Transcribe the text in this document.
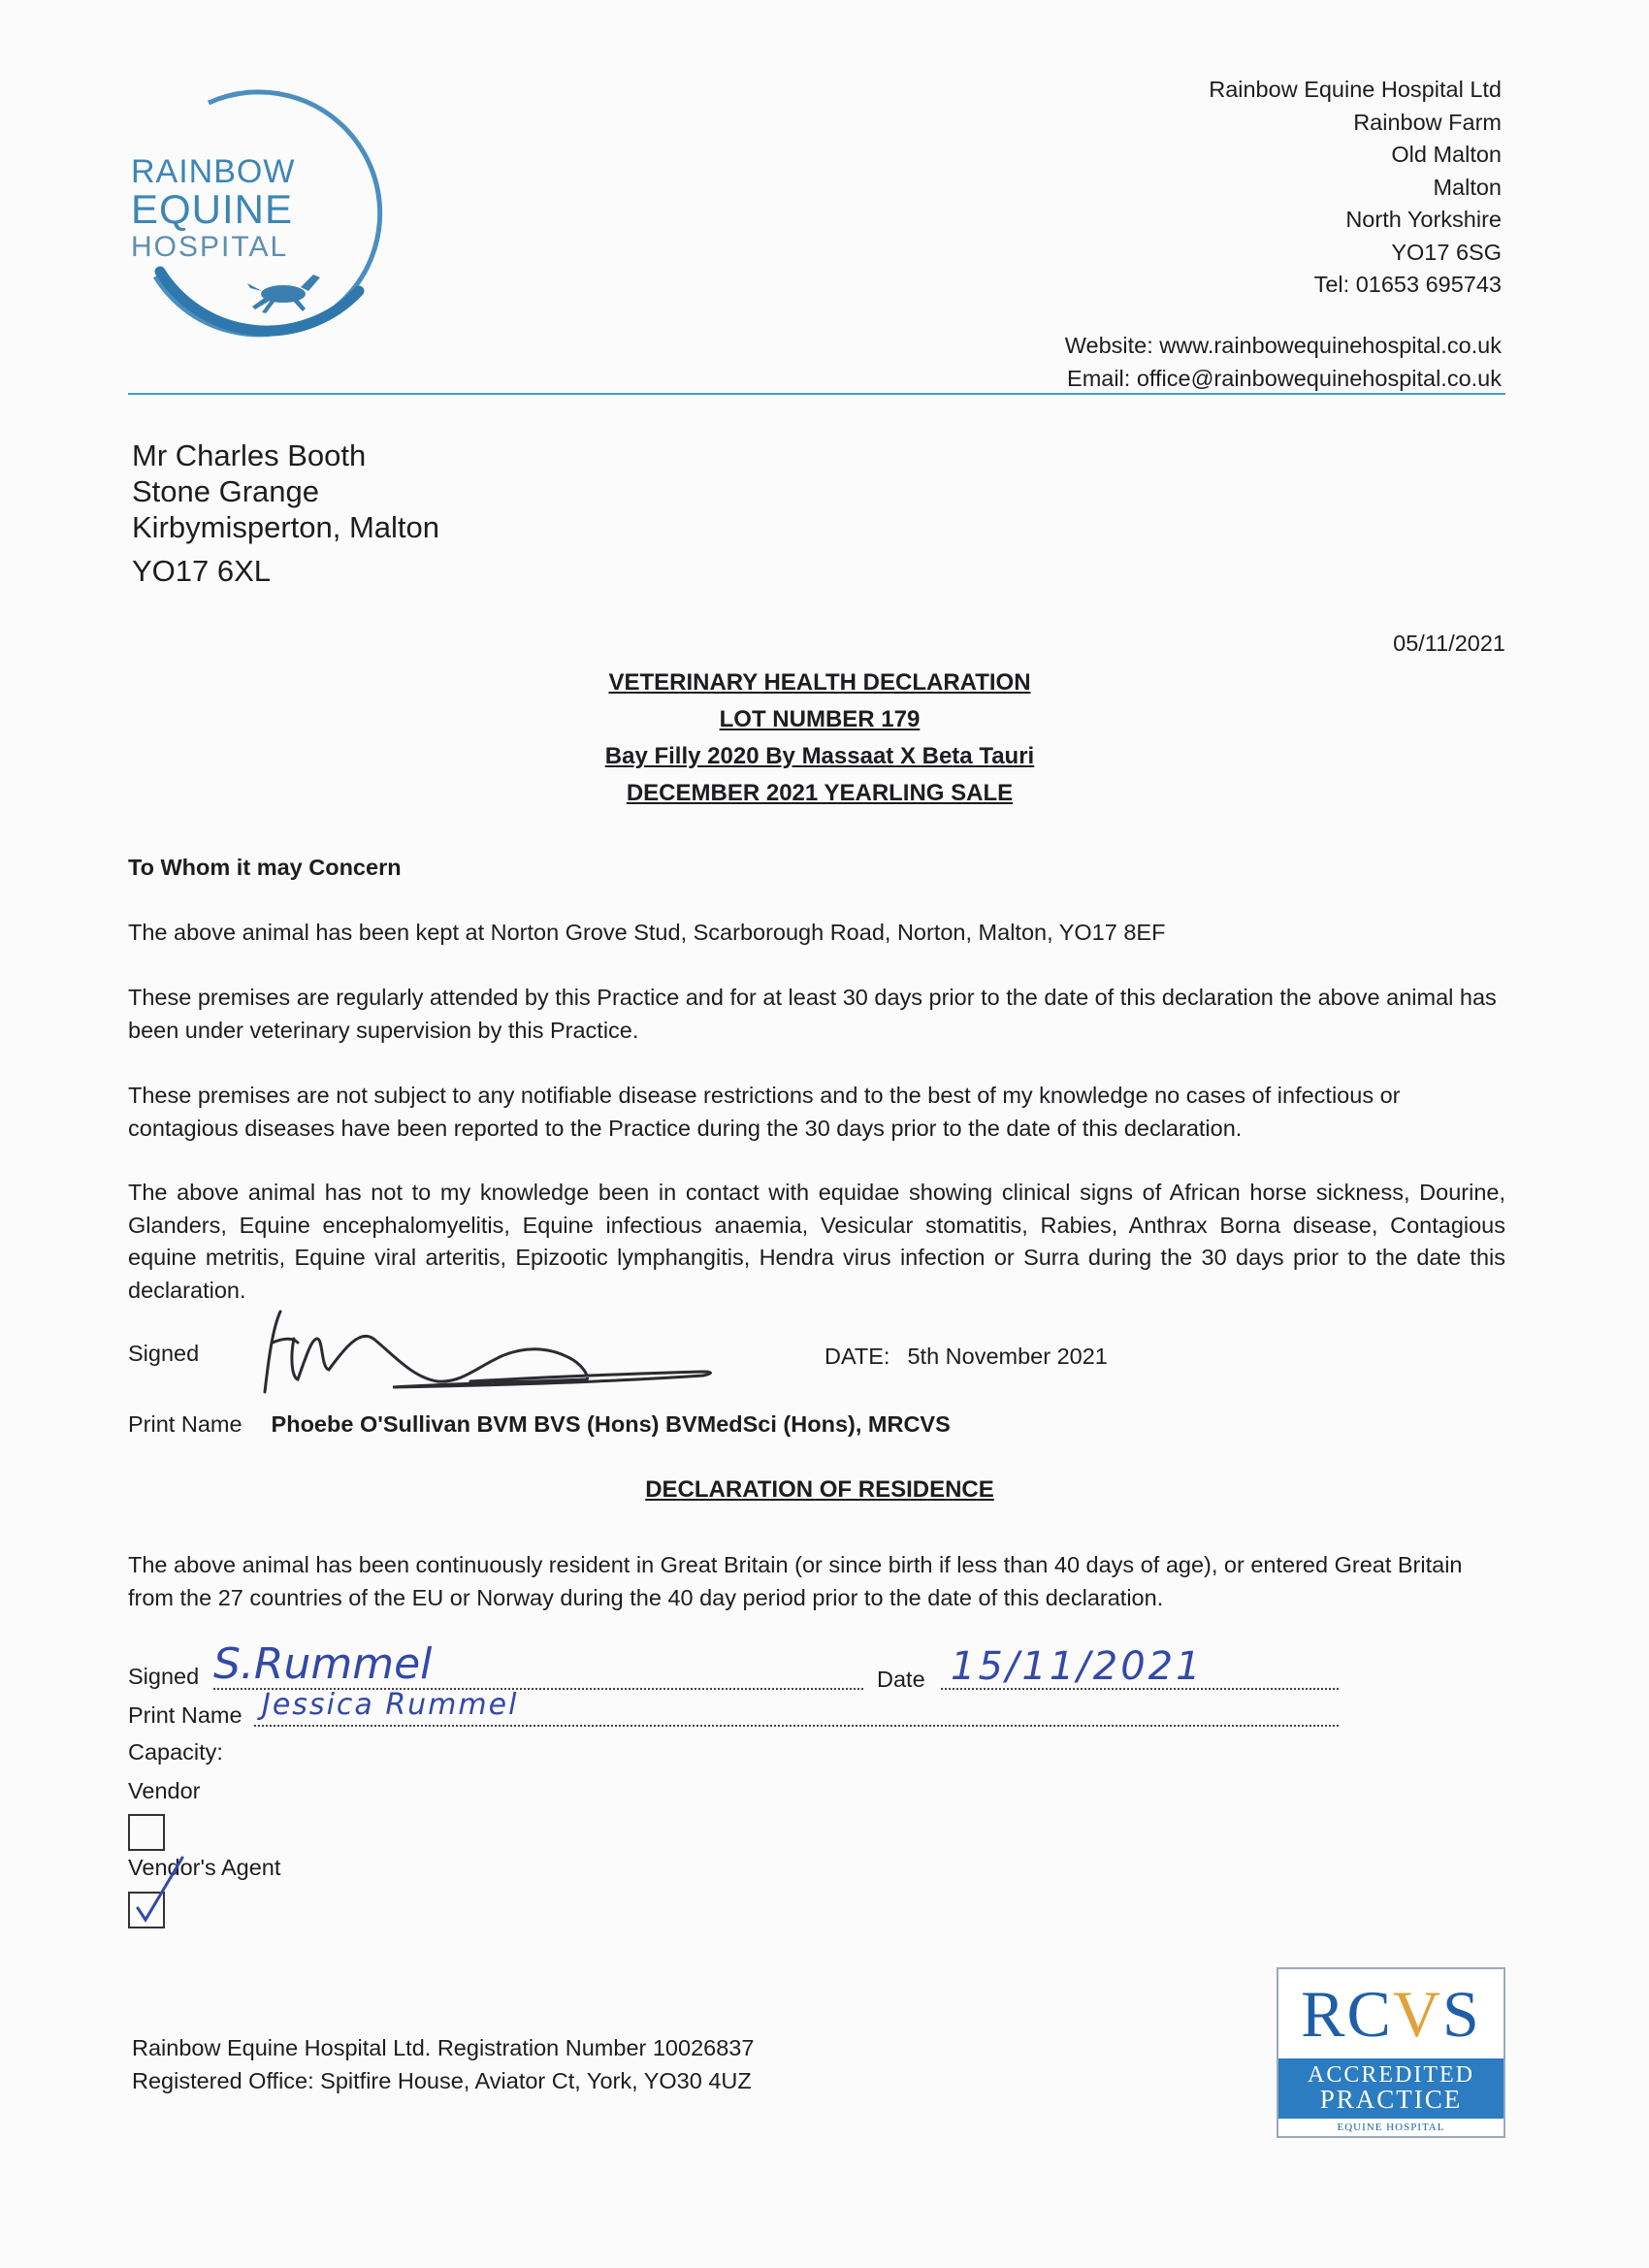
RAINBOW
EQUINE
HOSPITAL
Rainbow Equine Hospital Ltd
Rainbow Farm
Old Malton
Malton
North Yorkshire
YO17 6SG
Tel: 01653 695743
Website: www.rainbowequinehospital.co.uk
Email: office@rainbowequinehospital.co.uk
Mr Charles Booth
Stone Grange
Kirbymisperton, Malton
YO17 6XL
05/11/2021
VETERINARY HEALTH DECLARATION
LOT NUMBER 179
Bay Filly 2020 By Massaat X Beta Tauri
DECEMBER 2021 YEARLING SALE
To Whom it may Concern
The above animal has been kept at Norton Grove Stud, Scarborough Road, Norton, Malton, YO17 8EF
These premises are regularly attended by this Practice and for at least 30 days prior to the date of this declaration the above animal has been under veterinary supervision by this Practice.
These premises are not subject to any notifiable disease restrictions and to the best of my knowledge no cases of infectious or contagious diseases have been reported to the Practice during the 30 days prior to the date of this declaration.
The above animal has not to my knowledge been in contact with equidae showing clinical signs of African horse sickness, Dourine, Glanders, Equine encephalomyelitis, Equine infectious anaemia, Vesicular stomatitis, Rabies, Anthrax Borna disease, Contagious equine metritis, Equine viral arteritis, Epizootic lymphangitis, Hendra virus infection or Surra during the 30 days prior to the date this declaration.
Signed	DATE: 5th November 2021
Print Name Phoebe O'Sullivan BVM BVS (Hons) BVMedSci (Hons), MRCVS
DECLARATION OF RESIDENCE
The above animal has been continuously resident in Great Britain (or since birth if less than 40 days of age), or entered Great Britain from the 27 countries of the EU or Norway during the 40 day period prior to the date of this declaration.
Signed S.Rummel	Date 15/11/2021
Print Name Jessica Rummel
Capacity:
Vendor
Vendor's Agent
Rainbow Equine Hospital Ltd. Registration Number 10026837
Registered Office: Spitfire House, Aviator Ct, York, YO30 4UZ
RCVS
ACCREDITED
PRACTICE
EQUINE HOSPITAL
